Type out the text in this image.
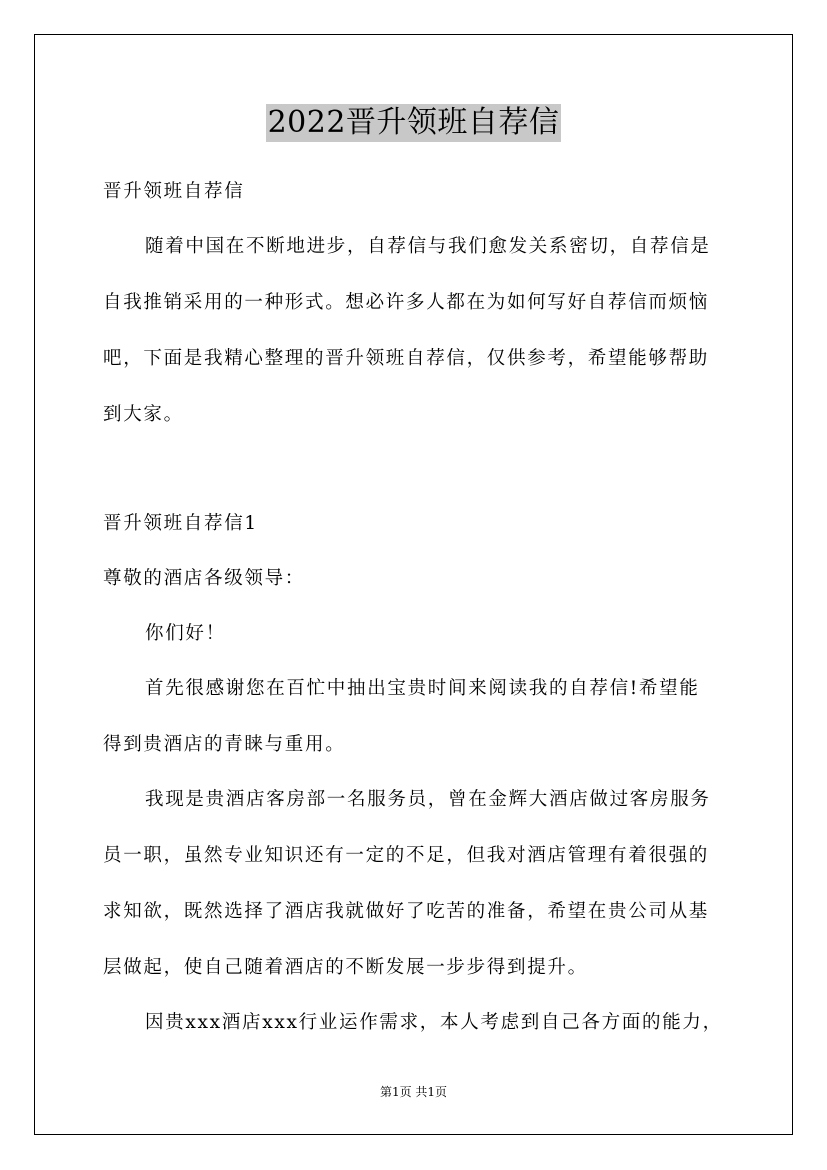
2022晋升领班自荐信
晋升领班自荐信
随着中国在不断地进步，自荐信与我们愈发关系密切，自荐信是
自我推销采用的一种形式。想必许多人都在为如何写好自荐信而烦恼
吧，下面是我精心整理的晋升领班自荐信，仅供参考，希望能够帮助
到大家。
晋升领班自荐信1
尊敬的酒店各级领导：
你们好！
首先很感谢您在百忙中抽出宝贵时间来阅读我的自荐信!希望能
得到贵酒店的青睐与重用。
我现是贵酒店客房部一名服务员，曾在金辉大酒店做过客房服务
员一职，虽然专业知识还有一定的不足，但我对酒店管理有着很强的
求知欲，既然选择了酒店我就做好了吃苦的准备，希望在贵公司从基
层做起，使自己随着酒店的不断发展一步步得到提升。
因贵xxx酒店xxx行业运作需求，本人考虑到自己各方面的能力，
第1页 共1页
